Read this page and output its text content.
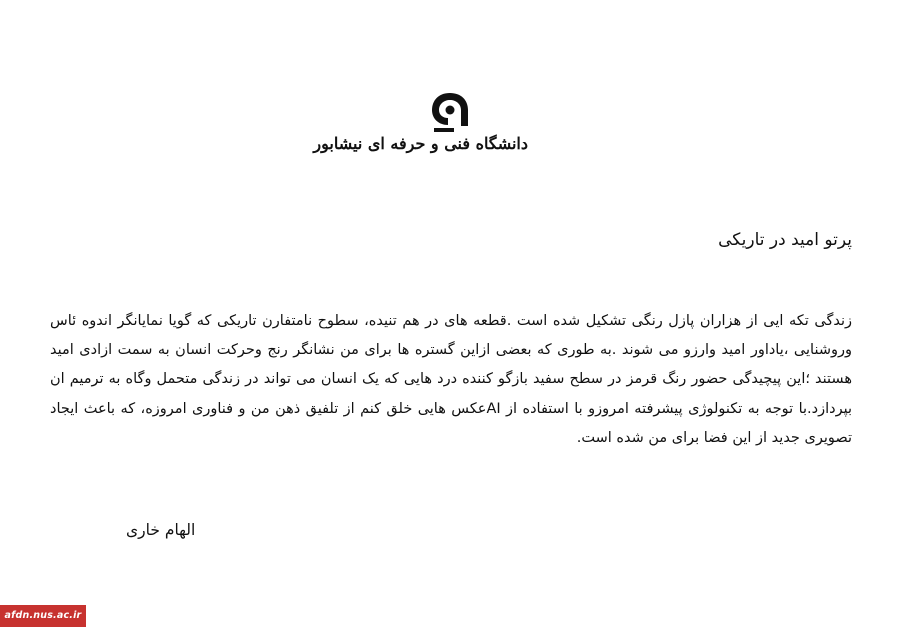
دانشگاه فنی و حرفه ای نیشابور
پرتو امید در تاریکی

زندگی تکه ایی از هزاران پازل رنگی تشکیل شده است .قطعه های در هم تنیده، سطوح نامتفارن تاریکی که گویا نمایانگر اندوه ئاس وروشنایی ،یاداور امید وارزو می شوند .به طوری که بعضی ازاین گستره ها برای من نشانگر رنج وحرکت انسان به سمت ازادی امید هستند ؛این پیچیدگی حضور رنگ قرمز در سطح سفید بازگو کننده درد هایی که یک انسان می تواند در زندگی متحمل وگاه به ترمیم ان بپردازد.با توجه به تکنولوژی پیشرفته امروزو با استفاده از AIعکس هایی خلق کنم از تلفیق ذهن من و فناوری امروزه، که باعث ایجاد تصویری جدید از این فضا برای من شده است.

الهام خاری
afdn.nus.ac.ir
